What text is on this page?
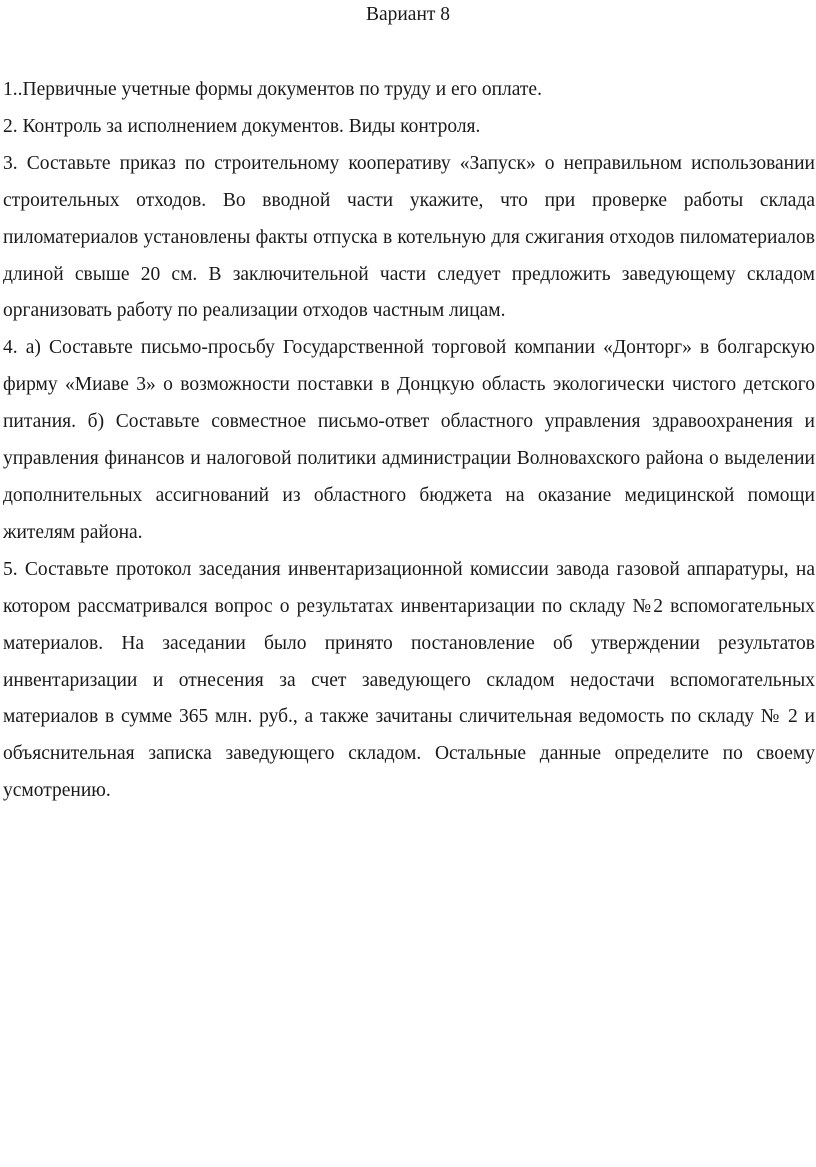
Вариант 8

1..Первичные учетные формы документов по труду и его оплате.

2. Контроль за исполнением документов. Виды контроля.

3. Составьте приказ по строительному кооперативу «Запуск» о неправильном использовании строительных отходов. Во вводной части укажите, что при проверке работы склада пиломатериалов установлены факты отпуска в котельную для сжигания отходов пиломатериалов длиной свыше 20 см. В заключительной части следует предложить заведующему складом организовать работу по реализации отходов частным лицам.

4. а) Составьте письмо-просьбу Государственной торговой компании «Донторг» в болгарскую фирму «Миаве 3» о возможности поставки в Донцкую область экологически чистого детского питания. б) Составьте совместное письмо-ответ областного управления здравоохранения и управления финансов и налоговой политики администрации Волновахского района о выделении дополнительных ассигнований из областного бюджета на оказание медицинской помощи жителям района.

5. Составьте протокол заседания инвентаризационной комиссии завода газовой аппаратуры, на котором рассматривался вопрос о результатах инвентаризации по складу №2 вспомогательных материалов. На заседании было принято постановление об утверждении результатов инвентаризации и отнесения за счет заведующего складом недостачи вспомогательных материалов в сумме 365 млн. руб., а также зачитаны сличительная ведомость по складу № 2 и объяснительная записка заведующего складом. Остальные данные определите по своему усмотрению.
